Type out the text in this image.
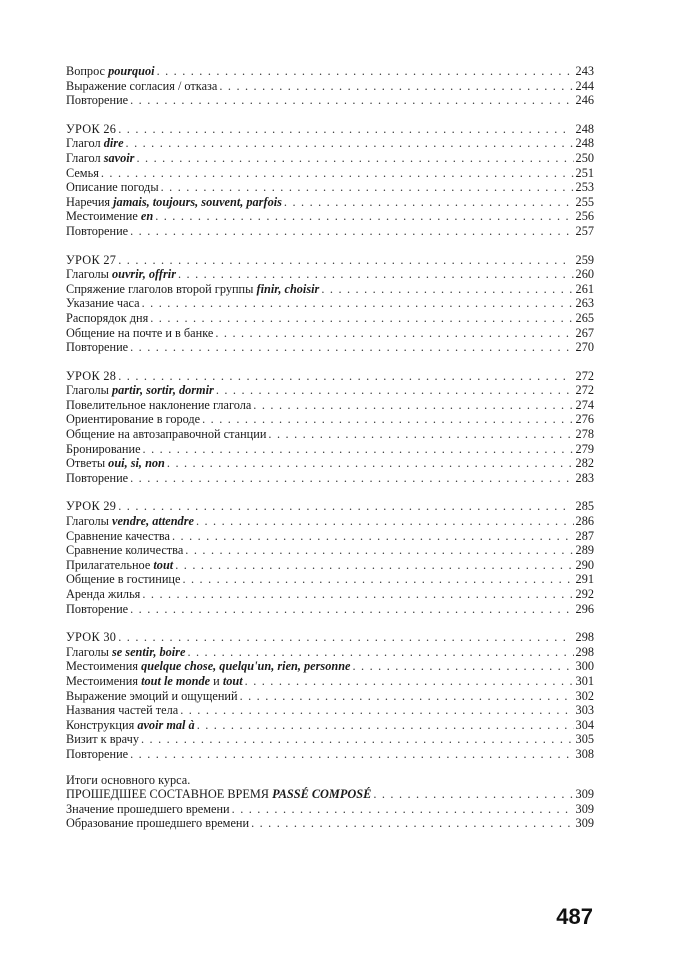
Вопрос pourquoi . . .	243
Выражение согласия / отказа . . .	244
Повторение . . .	246
УРОК 26 . . .	248
Глагол dire . . .	248
Глагол savoir . . .	250
Семья . . .	251
Описание погоды . . .	253
Наречия jamais, toujours, souvent, parfois . . .	255
Местоимение en . . .	256
Повторение . . .	257
УРОК 27 . . .	259
Глаголы ouvrir, offrir . . .	260
Спряжение глаголов второй группы finir, choisir . . .	261
Указание часа . . .	263
Распорядок дня . . .	265
Общение на почте и в банке . . .	267
Повторение . . .	270
УРОК 28 . . .	272
Глаголы partir, sortir, dormir . . .	272
Повелительное наклонение глагола . . .	274
Ориентирование в городе . . .	276
Общение на автозаправочной станции . . .	278
Бронирование . . .	279
Ответы oui, si, non . . .	282
Повторение . . .	283
УРОК 29 . . .	285
Глаголы vendre, attendre . . .	286
Сравнение качества . . .	287
Сравнение количества . . .	289
Прилагательное tout . . .	290
Общение в гостинице . . .	291
Аренда жилья . . .	292
Повторение . . .	296
УРОК 30 . . .	298
Глаголы se sentir, boire . . .	298
Местоимения quelque chose, quelqu'un, rien, personne . . .	300
Местоимения tout le monde и tout . . .	301
Выражение эмоций и ощущений . . .	302
Названия частей тела . . .	303
Конструкция avoir mal à . . .	304
Визит к врачу . . .	305
Повторение . . .	308
Итоги основного курса.
ПРОШЕДШЕЕ СОСТАВНОЕ ВРЕМЯ PASSÉ COMPOSÉ . . .	309
Значение прошедшего времени . . .	309
Образование прошедшего времени . . .	309
487
